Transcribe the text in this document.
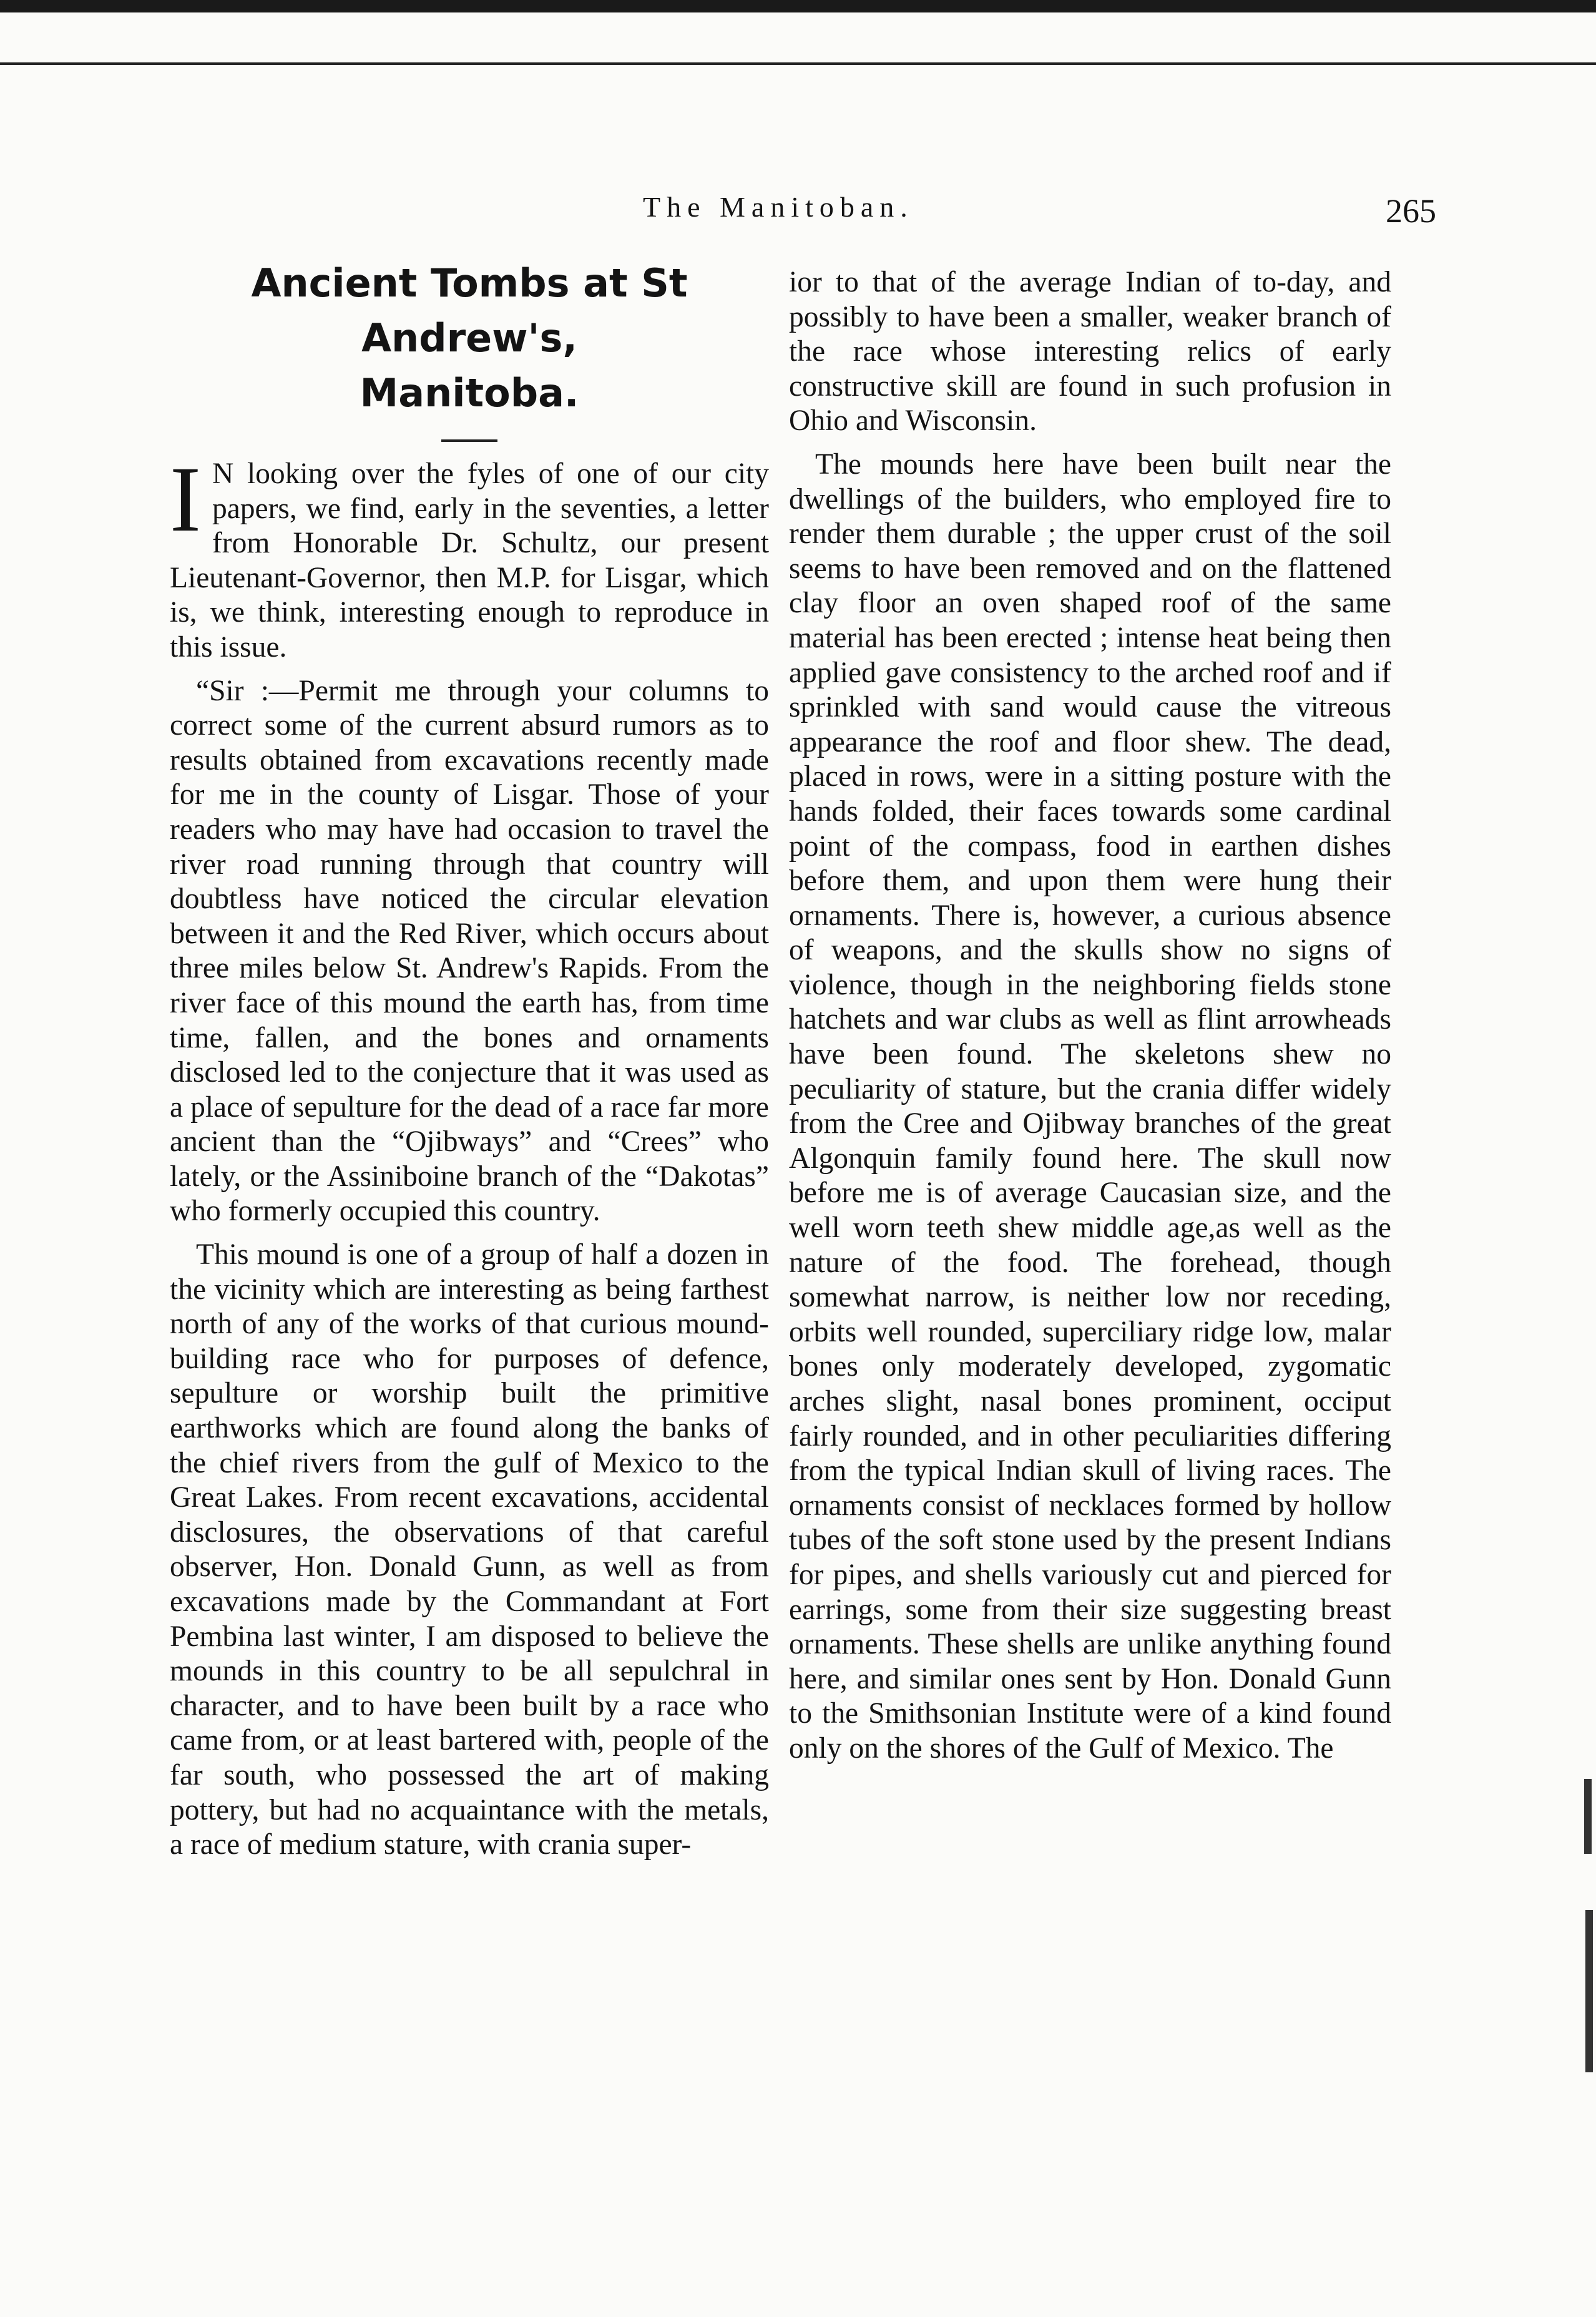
The Manitoban.	265
Ancient Tombs at St Andrew's,
Manitoba.

I N looking over the fyles of one of our city papers, we find, early in the seventies, a letter from Honorable Dr. Schultz, our present Lieutenant-Governor, then M.P. for Lisgar, which is, we think, interesting enough to reproduce in this issue.

“Sir :—Permit me through your columns to correct some of the current absurd rumors as to results obtained from excavations recently made for me in the county of Lisgar. Those of your readers who may have had occasion to travel the river road running through that country will doubtless have noticed the circular elevation between it and the Red River, which occurs about three miles below St. Andrew's Rapids. From the river face of this mound the earth has, from time time, fallen, and the bones and ornaments disclosed led to the conjecture that it was used as a place of sepulture for the dead of a race far more ancient than the “Ojibways” and “Crees” who lately, or the Assiniboine branch of the “Dakotas” who formerly occupied this country.

This mound is one of a group of half a dozen in the vicinity which are interesting as being farthest north of any of the works of that curious mound-building race who for purposes of defence, sepulture or worship built the primitive earthworks which are found along the banks of the chief rivers from the gulf of Mexico to the Great Lakes. From recent excavations, accidental disclosures, the observations of that careful observer, Hon. Donald Gunn, as well as from excavations made by the Commandant at Fort Pembina last winter, I am disposed to believe the mounds in this country to be all sepulchral in character, and to have been built by a race who came from, or at least bartered with, people of the far south, who possessed the art of making pottery, but had no acquaintance with the metals, a race of medium stature, with crania super-

ior to that of the average Indian of to-day, and possibly to have been a smaller, weaker branch of the race whose interesting relics of early constructive skill are found in such profusion in Ohio and Wisconsin.

The mounds here have been built near the dwellings of the builders, who employed fire to render them durable ; the upper crust of the soil seems to have been removed and on the flattened clay floor an oven shaped roof of the same material has been erected ; intense heat being then applied gave consistency to the arched roof and if sprinkled with sand would cause the vitreous appearance the roof and floor shew. The dead, placed in rows, were in a sitting posture with the hands folded, their faces towards some cardinal point of the compass, food in earthen dishes before them, and upon them were hung their ornaments. There is, however, a curious absence of weapons, and the skulls show no signs of violence, though in the neighboring fields stone hatchets and war clubs as well as flint arrowheads have been found. The skeletons shew no peculiarity of stature, but the crania differ widely from the Cree and Ojibway branches of the great Algonquin family found here. The skull now before me is of average Caucasian size, and the well worn teeth shew middle age,as well as the nature of the food. The forehead, though somewhat narrow, is neither low nor receding, orbits well rounded, superciliary ridge low, malar bones only moderately developed, zygomatic arches slight, nasal bones prominent, occiput fairly rounded, and in other peculiarities differing from the typical Indian skull of living races. The ornaments consist of necklaces formed by hollow tubes of the soft stone used by the present Indians for pipes, and shells variously cut and pierced for earrings, some from their size suggesting breast ornaments. These shells are unlike anything found here, and similar ones sent by Hon. Donald Gunn to the Smithsonian Institute were of a kind found only on the shores of the Gulf of Mexico. The
